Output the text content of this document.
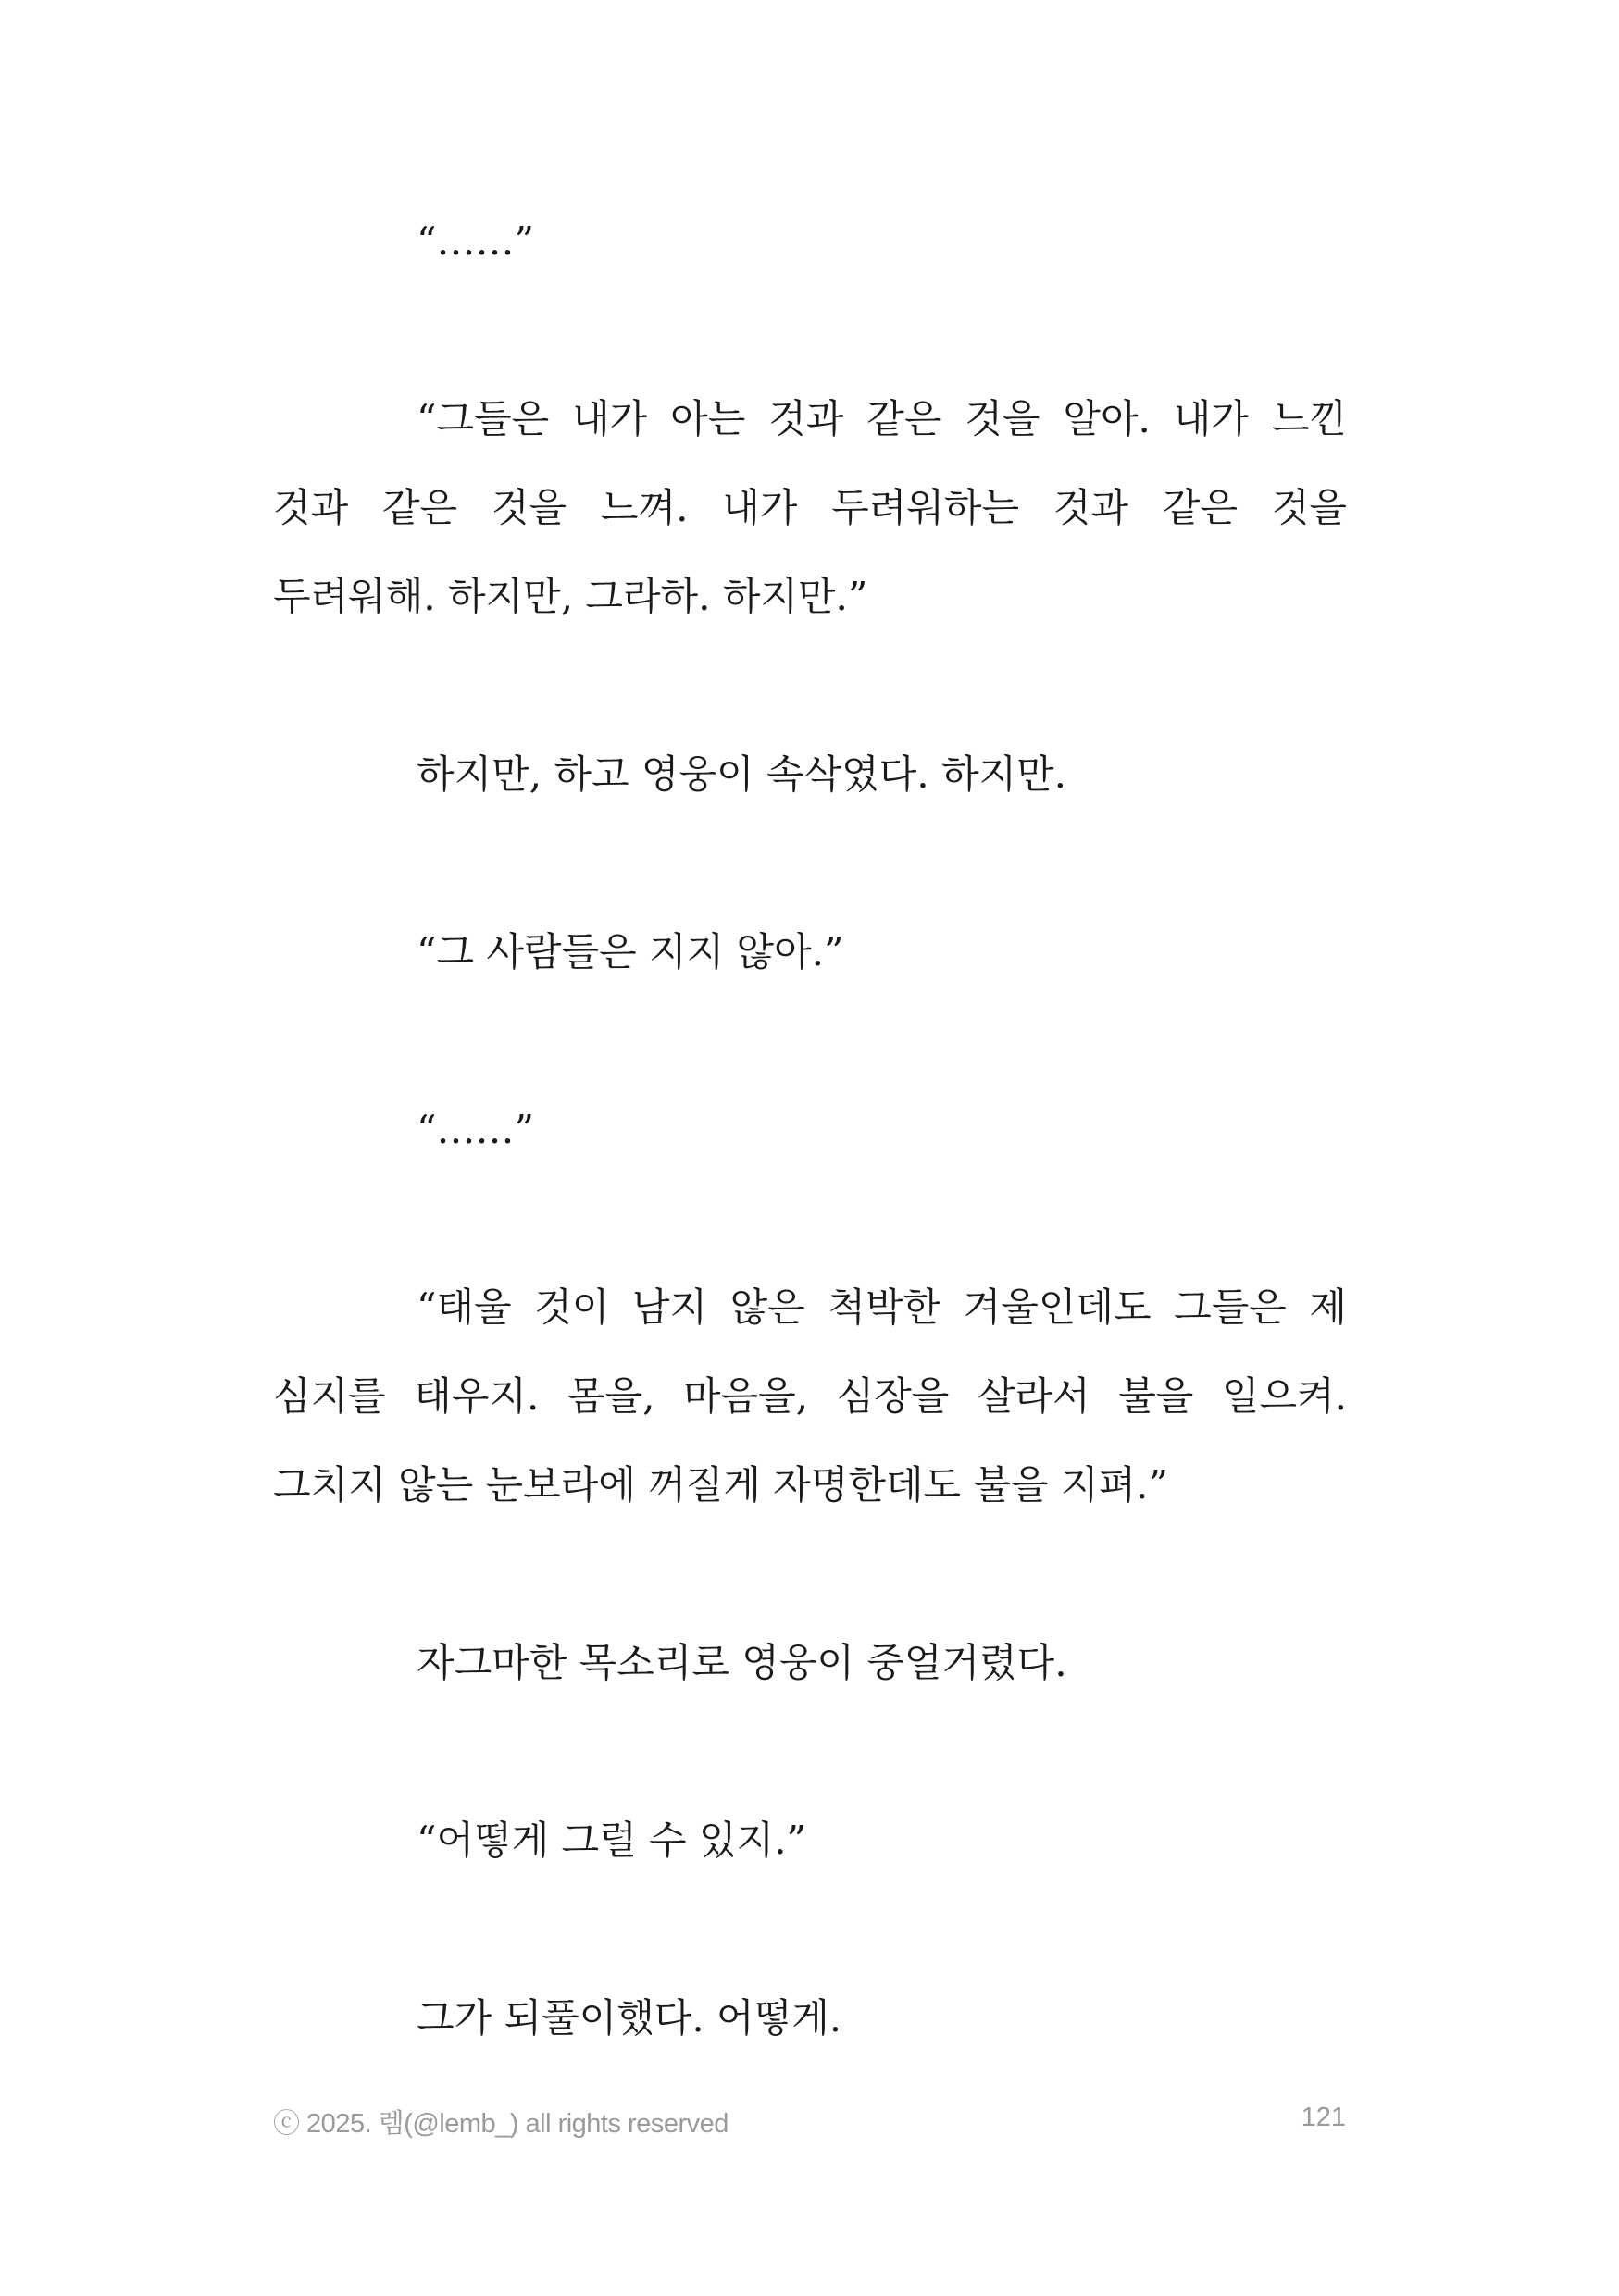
“……”

“그들은 내가 아는 것과 같은 것을 알아. 내가 느낀 것과 같은 것을 느껴. 내가 두려워하는 것과 같은 것을 두려워해. 하지만, 그라하. 하지만.”

하지만, 하고 영웅이 속삭였다. 하지만.

“그 사람들은 지지 않아.”

“……”

“태울 것이 남지 않은 척박한 겨울인데도 그들은 제 심지를 태우지. 몸을, 마음을, 심장을 살라서 불을 일으켜. 그치지 않는 눈보라에 꺼질게 자명한데도 불을 지펴.”

자그마한 목소리로 영웅이 중얼거렸다.

“어떻게 그럴 수 있지.”

그가 되풀이했다. 어떻게.

ⓒ 2025. 렘(@lemb_) all rights reserved	121
